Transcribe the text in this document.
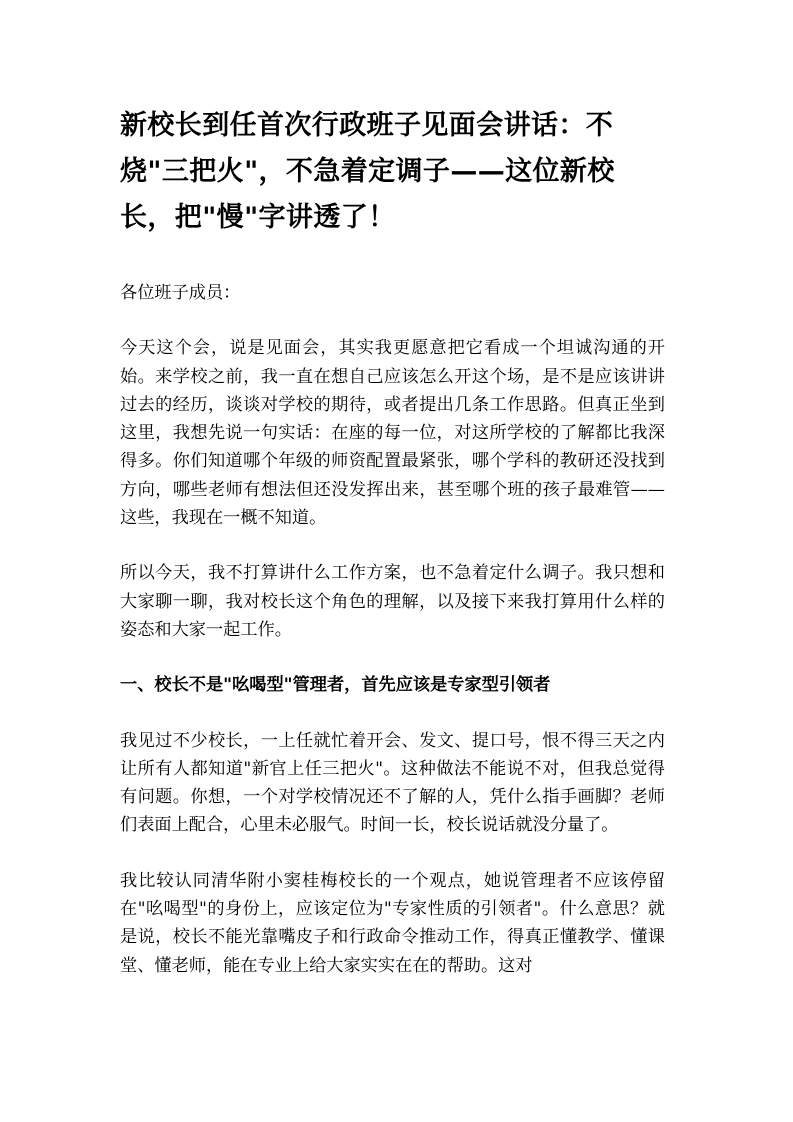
新校长到任首次行政班子见面会讲话：不烧"三把火"，不急着定调子——这位新校长，把"慢"字讲透了！

各位班子成员：

今天这个会，说是见面会，其实我更愿意把它看成一个坦诚沟通的开始。来学校之前，我一直在想自己应该怎么开这个场，是不是应该讲讲过去的经历，谈谈对学校的期待，或者提出几条工作思路。但真正坐到这里，我想先说一句实话：在座的每一位，对这所学校的了解都比我深得多。你们知道哪个年级的师资配置最紧张，哪个学科的教研还没找到方向，哪些老师有想法但还没发挥出来，甚至哪个班的孩子最难管——这些，我现在一概不知道。

所以今天，我不打算讲什么工作方案，也不急着定什么调子。我只想和大家聊一聊，我对校长这个角色的理解，以及接下来我打算用什么样的姿态和大家一起工作。

一、校长不是"吆喝型"管理者，首先应该是专家型引领者

我见过不少校长，一上任就忙着开会、发文、提口号，恨不得三天之内让所有人都知道"新官上任三把火"。这种做法不能说不对，但我总觉得有问题。你想，一个对学校情况还不了解的人，凭什么指手画脚？老师们表面上配合，心里未必服气。时间一长，校长说话就没分量了。

我比较认同清华附小窦桂梅校长的一个观点，她说管理者不应该停留在"吆喝型"的身份上，应该定位为"专家性质的引领者"。什么意思？就是说，校长不能光靠嘴皮子和行政命令推动工作，得真正懂教学、懂课堂、懂老师，能在专业上给大家实实在在的帮助。这对
